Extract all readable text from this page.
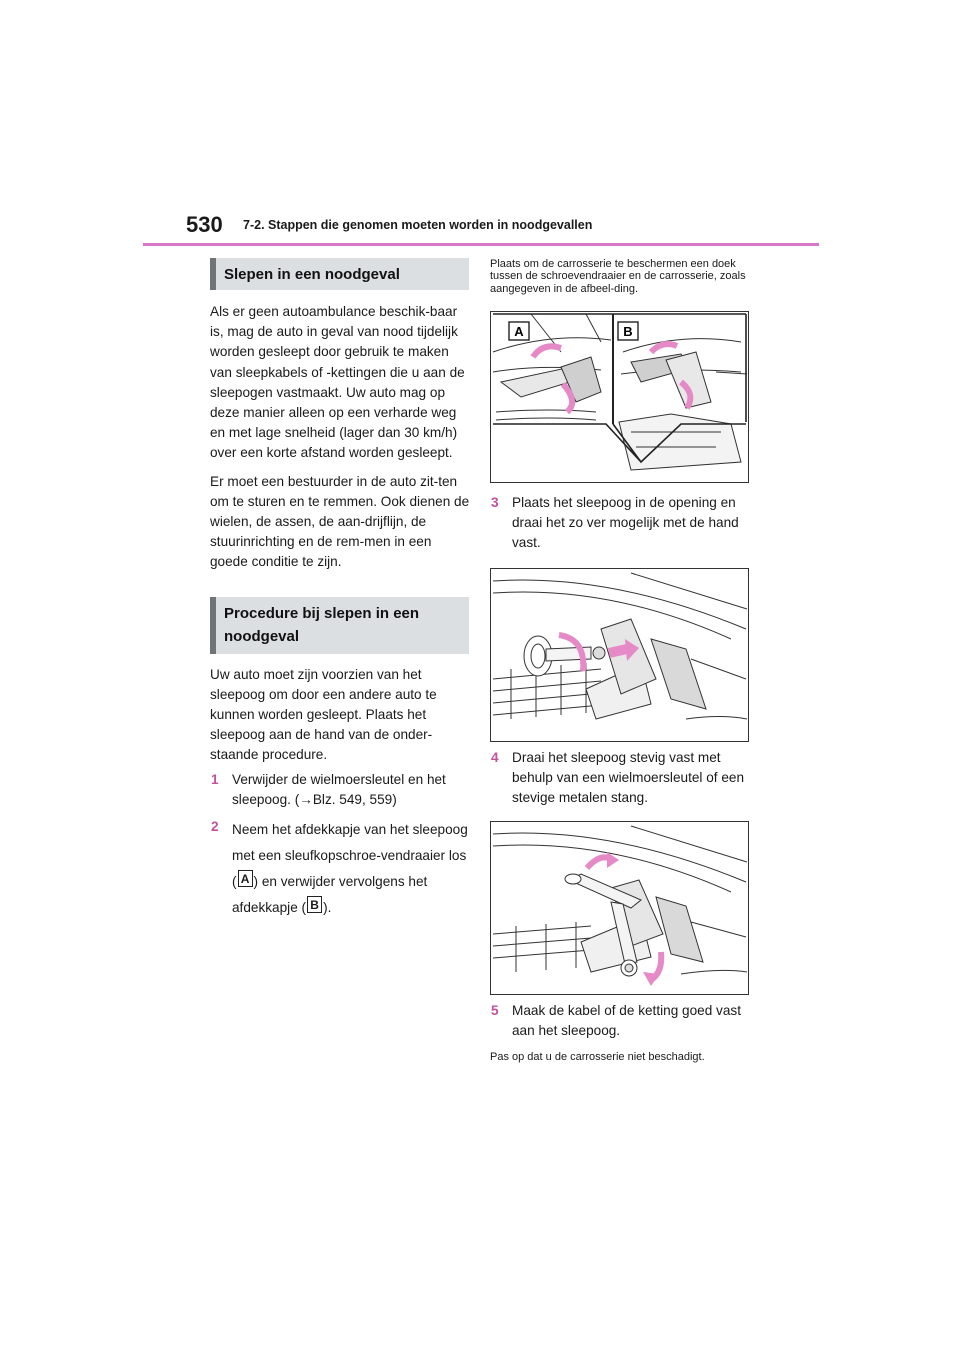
530 7-2. Stappen die genomen moeten worden in noodgevallen
Slepen in een noodgeval

Als er geen autoambulance beschik-baar is, mag de auto in geval van nood tijdelijk worden gesleept door gebruik te maken van sleepkabels of -kettingen die u aan de sleepogen vastmaakt. Uw auto mag op deze manier alleen op een verharde weg en met lage snelheid (lager dan 30 km/h) over een korte afstand worden gesleept.

Er moet een bestuurder in de auto zit-ten om te sturen en te remmen. Ook dienen de wielen, de assen, de aan-drijflijn, de stuurinrichting en de rem-men in een goede conditie te zijn.

Procedure bij slepen in een noodgeval

Uw auto moet zijn voorzien van het sleepoog om door een andere auto te kunnen worden gesleept. Plaats het sleepoog aan de hand van de onder-staande procedure.

1 Verwijder de wielmoersleutel en het sleepoog. (→Blz. 549, 559)
2 Neem het afdekkapje van het sleepoog met een sleufkopschroe-vendraaier los ( A ) en verwijder vervolgens het afdekkapje ( B ).

Plaats om de carrosserie te beschermen een doek tussen de schroevendraaier en de carrosserie, zoals aangegeven in de afbeel-ding.

A	B
3 Plaats het sleepoog in de opening en draai het zo ver mogelijk met de hand vast.
4 Draai het sleepoog stevig vast met behulp van een wielmoersleutel of een stevige metalen stang.
5 Maak de kabel of de ketting goed vast aan het sleepoog.

Pas op dat u de carrosserie niet beschadigt.
